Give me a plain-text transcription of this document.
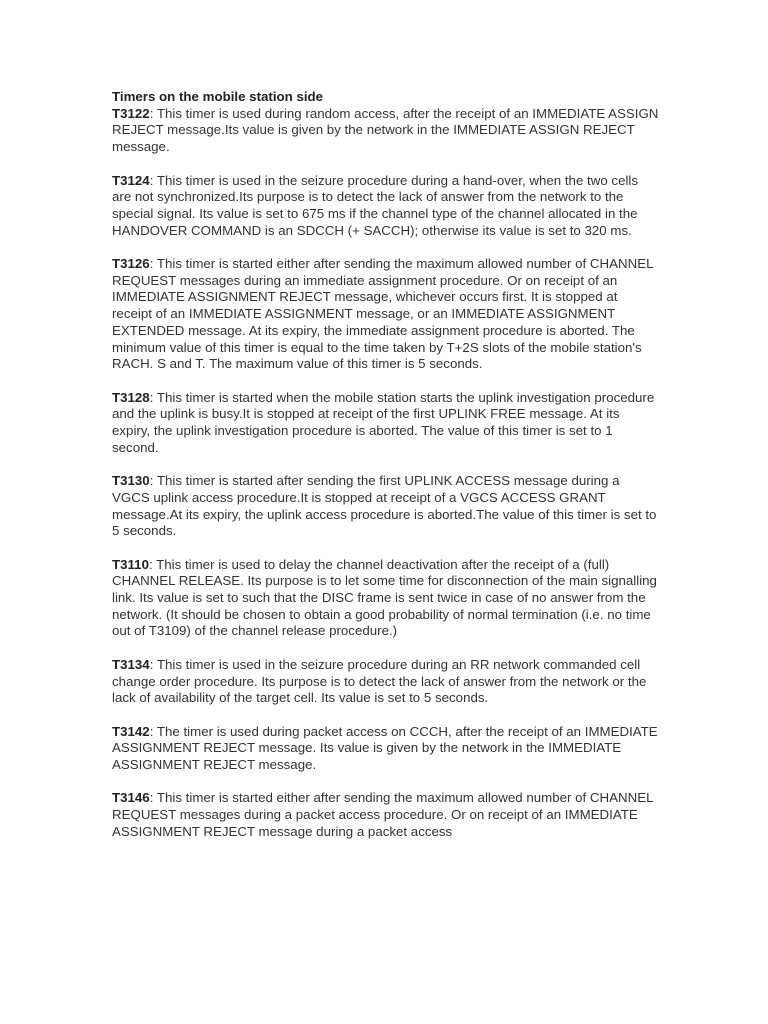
Timers on the mobile station side
T3122: This timer is used during random access, after the receipt of an IMMEDIATE ASSIGN REJECT message.Its value is given by the network in the IMMEDIATE ASSIGN REJECT message.
T3124: This timer is used in the seizure procedure during a hand-over, when the two cells are not synchronized.Its purpose is to detect the lack of answer from the network to the special signal. Its value is set to 675 ms if the channel type of the channel allocated in the HANDOVER COMMAND is an SDCCH (+ SACCH); otherwise its value is set to 320 ms.
T3126: This timer is started either after sending the maximum allowed number of CHANNEL REQUEST messages during an immediate assignment procedure. Or on receipt of an IMMEDIATE ASSIGNMENT REJECT message, whichever occurs first. It is stopped at receipt of an IMMEDIATE ASSIGNMENT message, or an IMMEDIATE ASSIGNMENT EXTENDED message. At its expiry, the immediate assignment procedure is aborted. The minimum value of this timer is equal to the time taken by T+2S slots of the mobile station's RACH. S and T. The maximum value of this timer is 5 seconds.
T3128: This timer is started when the mobile station starts the uplink investigation procedure and the uplink is busy.It is stopped at receipt of the first UPLINK FREE message. At its expiry, the uplink investigation procedure is aborted. The value of this timer is set to 1 second.
T3130: This timer is started after sending the first UPLINK ACCESS message during a VGCS uplink access procedure.It is stopped at receipt of a VGCS ACCESS GRANT message.At its expiry, the uplink access procedure is aborted.The value of this timer is set to 5 seconds.
T3110: This timer is used to delay the channel deactivation after the receipt of a (full) CHANNEL RELEASE. Its purpose is to let some time for disconnection of the main signalling link. Its value is set to such that the DISC frame is sent twice in case of no answer from the network. (It should be chosen to obtain a good probability of normal termination (i.e. no time out of T3109) of the channel release procedure.)
T3134: This timer is used in the seizure procedure during an RR network commanded cell change order procedure. Its purpose is to detect the lack of answer from the network or the lack of availability of the target cell. Its value is set to 5 seconds.
T3142: The timer is used during packet access on CCCH, after the receipt of an IMMEDIATE ASSIGNMENT REJECT message. Its value is given by the network in the IMMEDIATE ASSIGNMENT REJECT message.
T3146: This timer is started either after sending the maximum allowed number of CHANNEL REQUEST messages during a packet access procedure. Or on receipt of an IMMEDIATE ASSIGNMENT REJECT message during a packet access
